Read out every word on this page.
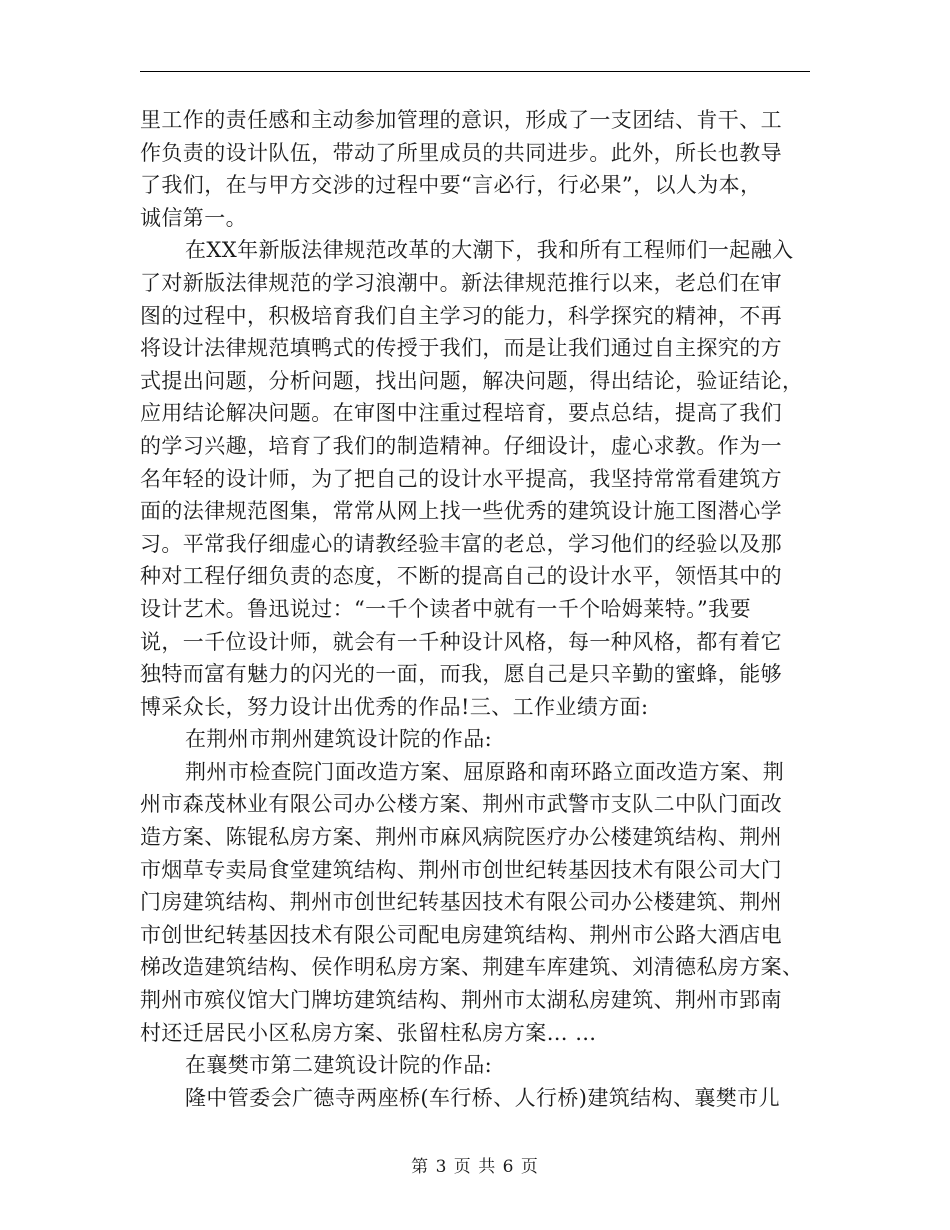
里工作的责任感和主动参加管理的意识，形成了一支团结、肯干、工
作负责的设计队伍，带动了所里成员的共同进步。此外，所长也教导
了我们，在与甲方交涉的过程中要“言必行，行必果”，以人为本，
诚信第一。
在XX年新版法律规范改革的大潮下，我和所有工程师们一起融入
了对新版法律规范的学习浪潮中。新法律规范推行以来，老总们在审
图的过程中，积极培育我们自主学习的能力，科学探究的精神，不再
将设计法律规范填鸭式的传授于我们，而是让我们通过自主探究的方
式提出问题，分析问题，找出问题，解决问题，得出结论，验证结论，
应用结论解决问题。在审图中注重过程培育，要点总结，提高了我们
的学习兴趣，培育了我们的制造精神。仔细设计，虚心求教。作为一
名年轻的设计师，为了把自己的设计水平提高，我坚持常常看建筑方
面的法律规范图集，常常从网上找一些优秀的建筑设计施工图潜心学
习。平常我仔细虚心的请教经验丰富的老总，学习他们的经验以及那
种对工程仔细负责的态度，不断的提高自己的设计水平，领悟其中的
设计艺术。鲁迅说过：“一千个读者中就有一千个哈姆莱特。”我要
说，一千位设计师，就会有一千种设计风格，每一种风格，都有着它
独特而富有魅力的闪光的一面，而我，愿自己是只辛勤的蜜蜂，能够
博采众长，努力设计出优秀的作品!三、工作业绩方面:
在荆州市荆州建筑设计院的作品:
荆州市检查院门面改造方案、屈原路和南环路立面改造方案、荆
州市森茂林业有限公司办公楼方案、荆州市武警市支队二中队门面改
造方案、陈锟私房方案、荆州市麻风病院医疗办公楼建筑结构、荆州
市烟草专卖局食堂建筑结构、荆州市创世纪转基因技术有限公司大门
门房建筑结构、荆州市创世纪转基因技术有限公司办公楼建筑、荆州
市创世纪转基因技术有限公司配电房建筑结构、荆州市公路大酒店电
梯改造建筑结构、侯作明私房方案、荆建车库建筑、刘清德私房方案、
荆州市殡仪馆大门牌坊建筑结构、荆州市太湖私房建筑、荆州市郢南
村还迁居民小区私房方案、张留柱私房方案… …
在襄樊市第二建筑设计院的作品:
隆中管委会广德寺两座桥(车行桥、人行桥)建筑结构、襄樊市儿
第 3 页 共 6 页
